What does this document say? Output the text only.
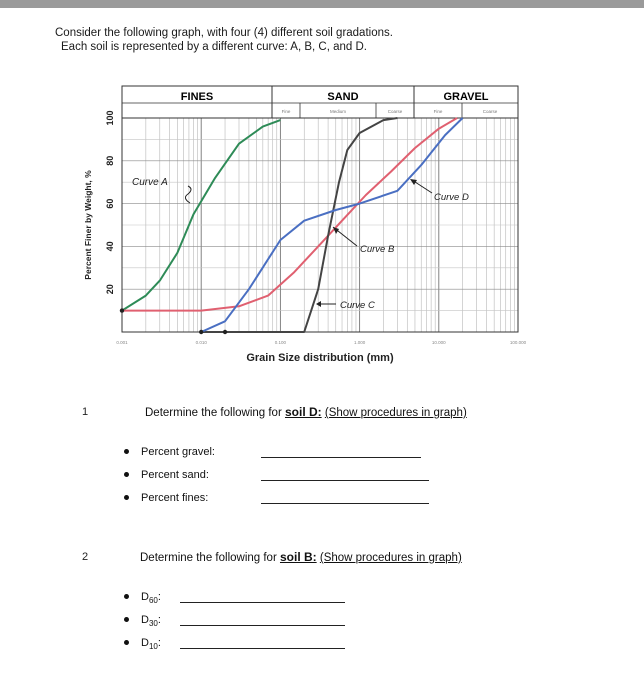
Consider the following graph, with four (4) different soil gradations.
Each soil is represented by a different curve: A, B, C, and D.
FINES	SAND	GRAVEL
Fine	Medium	Coarse	Fine	Coarse
20
40
60
80
100
0.001	0.010	0.100	1.000	10.000	100.000
Curve A
Curve B
Curve C
Curve D
Percent Finer by Weight, %
Grain Size distribution (mm)
1	Determine the following for soil D: (Show procedures in graph)
Percent gravel:
Percent sand:
Percent fines:
2	Determine the following for soil B: (Show procedures in graph)
$D_{60}$:
$D_{30}$:
$D_{10}$:
